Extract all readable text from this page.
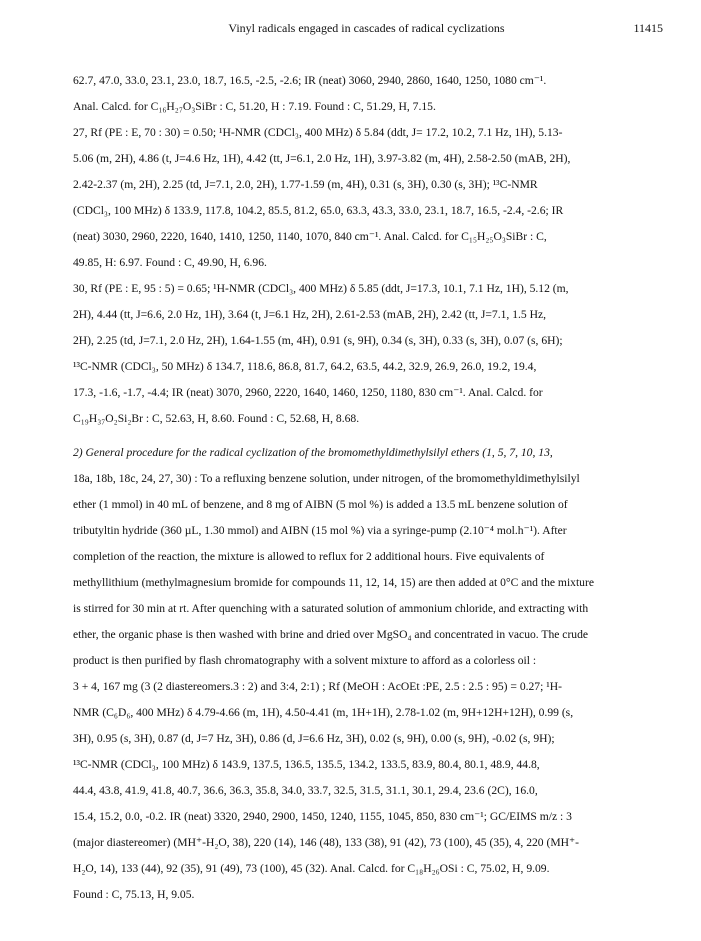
Vinyl radicals engaged in cascades of radical cyclizations	11415

62.7, 47.0, 33.0, 23.1, 23.0, 18.7, 16.5, -2.5, -2.6; IR (neat) 3060, 2940, 2860, 1640, 1250, 1080 cm⁻¹.

Anal. Calcd. for C₁₆H₂₇O₃SiBr : C, 51.20, H : 7.19. Found : C, 51.29, H, 7.15.

27, Rf (PE : E, 70 : 30) = 0.50; ¹H-NMR (CDCl₃, 400 MHz) δ 5.84 (ddt, J= 17.2, 10.2, 7.1 Hz, 1H), 5.13-

5.06 (m, 2H), 4.86 (t, J=4.6 Hz, 1H), 4.42 (tt, J=6.1, 2.0 Hz, 1H), 3.97-3.82 (m, 4H), 2.58-2.50 (mAB, 2H),

2.42-2.37 (m, 2H), 2.25 (td, J=7.1, 2.0, 2H), 1.77-1.59 (m, 4H), 0.31 (s, 3H), 0.30 (s, 3H); ¹³C-NMR

(CDCl₃, 100 MHz) δ 133.9, 117.8, 104.2, 85.5, 81.2, 65.0, 63.3, 43.3, 33.0, 23.1, 18.7, 16.5, -2.4, -2.6; IR

(neat) 3030, 2960, 2220, 1640, 1410, 1250, 1140, 1070, 840 cm⁻¹. Anal. Calcd. for C₁₅H₂₅O₃SiBr : C,

49.85, H: 6.97. Found : C, 49.90, H, 6.96.

30, Rf (PE : E, 95 : 5) = 0.65; ¹H-NMR (CDCl₃, 400 MHz) δ 5.85 (ddt, J=17.3, 10.1, 7.1 Hz, 1H), 5.12 (m,

2H), 4.44 (tt, J=6.6, 2.0 Hz, 1H), 3.64 (t, J=6.1 Hz, 2H), 2.61-2.53 (mAB, 2H), 2.42 (tt, J=7.1, 1.5 Hz,

2H), 2.25 (td, J=7.1, 2.0 Hz, 2H), 1.64-1.55 (m, 4H), 0.91 (s, 9H), 0.34 (s, 3H), 0.33 (s, 3H), 0.07 (s, 6H);

¹³C-NMR (CDCl₃, 50 MHz) δ 134.7, 118.6, 86.8, 81.7, 64.2, 63.5, 44.2, 32.9, 26.9, 26.0, 19.2, 19.4,

17.3, -1.6, -1.7, -4.4; IR (neat) 3070, 2960, 2220, 1640, 1460, 1250, 1180, 830 cm⁻¹. Anal. Calcd. for

C₁₉H₃₇O₂Si₂Br : C, 52.63, H, 8.60. Found : C, 52.68, H, 8.68.

2) General procedure for the radical cyclization of the bromomethyldimethylsilyl ethers (1, 5, 7, 10, 13,

18a, 18b, 18c, 24, 27, 30) : To a refluxing benzene solution, under nitrogen, of the bromomethyldimethylsilyl

ether (1 mmol) in 40 mL of benzene, and 8 mg of AIBN (5 mol %) is added a 13.5 mL benzene solution of

tributyltin hydride (360 µL, 1.30 mmol) and AIBN (15 mol %) via a syringe-pump (2.10⁻⁴ mol.h⁻¹). After

completion of the reaction, the mixture is allowed to reflux for 2 additional hours. Five equivalents of

methyllithium (methylmagnesium bromide for compounds 11, 12, 14, 15) are then added at 0°C and the mixture

is stirred for 30 min at rt. After quenching with a saturated solution of ammonium chloride, and extracting with

ether, the organic phase is then washed with brine and dried over MgSO₄ and concentrated in vacuo. The crude

product is then purified by flash chromatography with a solvent mixture to afford as a colorless oil :

3 + 4, 167 mg (3 (2 diastereomers.3 : 2) and 3:4, 2:1) ; Rf (MeOH : AcOEt :PE, 2.5 : 2.5 : 95) = 0.27; ¹H-

NMR (C₆D₆, 400 MHz) δ 4.79-4.66 (m, 1H), 4.50-4.41 (m, 1H+1H), 2.78-1.02 (m, 9H+12H+12H), 0.99 (s,

3H), 0.95 (s, 3H), 0.87 (d, J=7 Hz, 3H), 0.86 (d, J=6.6 Hz, 3H), 0.02 (s, 9H), 0.00 (s, 9H), -0.02 (s, 9H);

¹³C-NMR (CDCl₃, 100 MHz) δ 143.9, 137.5, 136.5, 135.5, 134.2, 133.5, 83.9, 80.4, 80.1, 48.9, 44.8,

44.4, 43.8, 41.9, 41.8, 40.7, 36.6, 36.3, 35.8, 34.0, 33.7, 32.5, 31.5, 31.1, 30.1, 29.4, 23.6 (2C), 16.0,

15.4, 15.2, 0.0, -0.2. IR (neat) 3320, 2940, 2900, 1450, 1240, 1155, 1045, 850, 830 cm⁻¹; GC/EIMS m/z : 3

(major diastereomer) (MH⁺-H₂O, 38), 220 (14), 146 (48), 133 (38), 91 (42), 73 (100), 45 (35), 4, 220 (MH⁺-

H₂O, 14), 133 (44), 92 (35), 91 (49), 73 (100), 45 (32). Anal. Calcd. for C₁₈H₂₆OSi : C, 75.02, H, 9.09.

Found : C, 75.13, H, 9.05.
